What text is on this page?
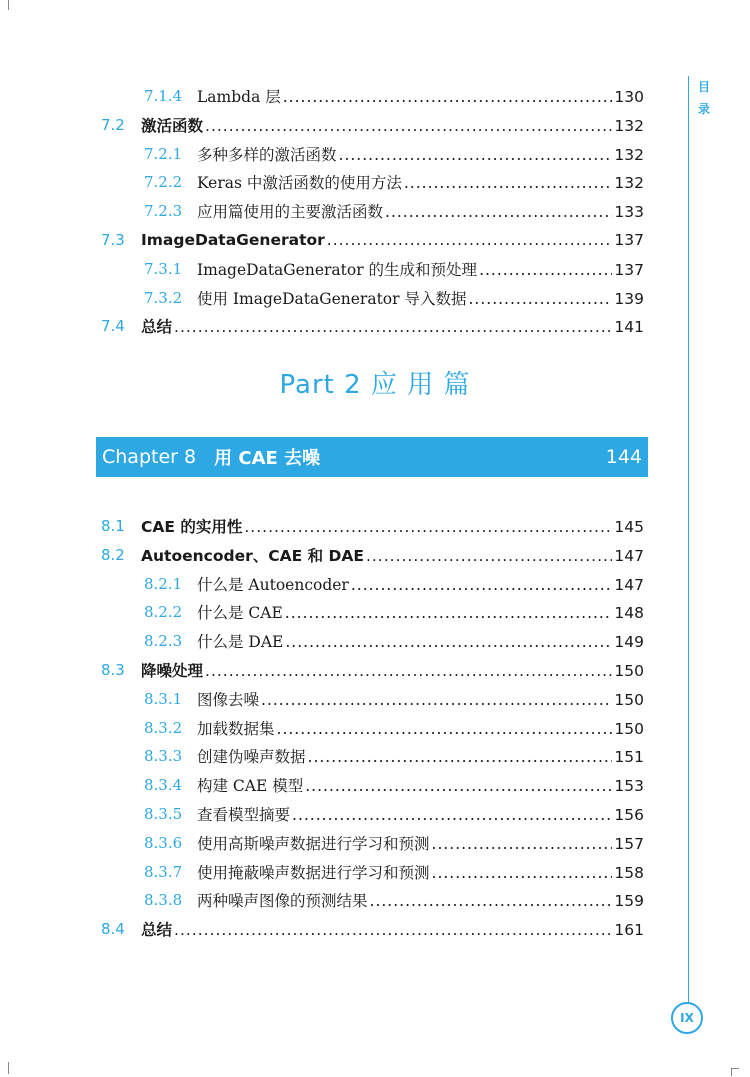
目录
7.1.4 Lambda 层 .....	130
7.2 激活函数 .....	132
7.2.1 多种多样的激活函数 .....	132
7.2.2 Keras 中激活函数的使用方法 .....	132
7.2.3 应用篇使用的主要激活函数 .....	133
7.3 ImageDataGenerator .....	137
7.3.1 ImageDataGenerator 的生成和预处理 .....	137
7.3.2 使用 ImageDataGenerator 导入数据 .....	139
7.4 总结 .....	141
Part 2 应 用 篇
Chapter 8 用 CAE 去噪	144
8.1 CAE 的实用性 .....	145
8.2 Autoencoder、CAE 和 DAE .....	147
8.2.1 什么是 Autoencoder .....	147
8.2.2 什么是 CAE .....	148
8.2.3 什么是 DAE .....	149
8.3 降噪处理 .....	150
8.3.1 图像去噪 .....	150
8.3.2 加载数据集 .....	150
8.3.3 创建伪噪声数据 .....	151
8.3.4 构建 CAE 模型 .....	153
8.3.5 查看模型摘要 .....	156
8.3.6 使用高斯噪声数据进行学习和预测 .....	157
8.3.7 使用掩蔽噪声数据进行学习和预测 .....	158
8.3.8 两种噪声图像的预测结果 .....	159
8.4 总结 .....	161
IX
